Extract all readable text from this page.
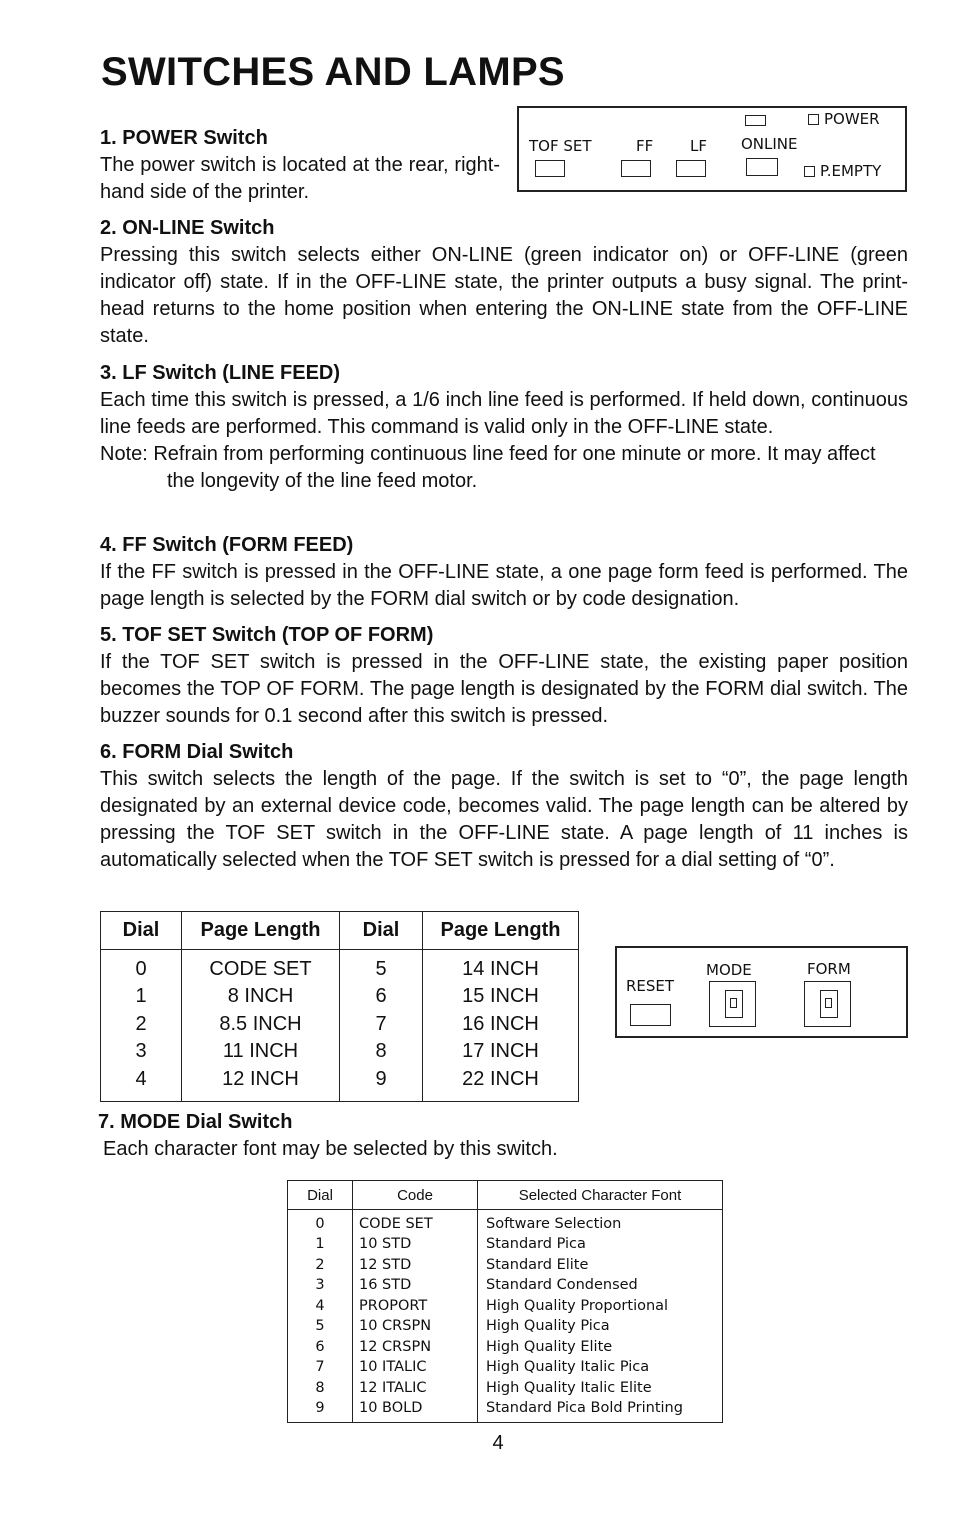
SWITCHES AND LAMPS
POWER
TOF SET	FF LF ONLINE
P.EMPTY
1. POWER Switch
The power switch is located at the rear, right-hand side of the printer.
2. ON-LINE Switch
Pressing this switch selects either ON-LINE (green indicator on) or OFF-LINE (green indicator off) state. If in the OFF-LINE state, the printer outputs a busy signal. The print-head returns to the home position when entering the ON-LINE state from the OFF-LINE state.
3. LF Switch (LINE FEED)
Each time this switch is pressed, a 1/6 inch line feed is performed. If held down, continuous line feeds are performed. This command is valid only in the OFF-LINE state.
Note: Refrain from performing continuous line feed for one minute or more. It may affect the longevity of the line feed motor.
4. FF Switch (FORM FEED)
If the FF switch is pressed in the OFF-LINE state, a one page form feed is performed. The page length is selected by the FORM dial switch or by code designation.
5. TOF SET Switch (TOP OF FORM)
If the TOF SET switch is pressed in the OFF-LINE state, the existing paper position becomes the TOP OF FORM. The page length is designated by the FORM dial switch. The buzzer sounds for 0.1 second after this switch is pressed.
6. FORM Dial Switch
This switch selects the length of the page. If the switch is set to “0”, the page length designated by an external device code, becomes valid. The page length can be altered by pressing the TOF SET switch in the OFF-LINE state. A page length of 11 inches is automatically selected when the TOF SET switch is pressed for a dial setting of “0”.
Dial	Page Length	Dial	Page Length
0	CODE SET	5	14 INCH
1	8 INCH	6	15 INCH
2	8.5 INCH	7	16 INCH
3	11 INCH	8	17 INCH
4	12 INCH	9	22 INCH
MODE	FORM
RESET
7. MODE Dial Switch
Each character font may be selected by this switch.
Dial	Code	Selected Character Font
0	CODE SET	Software Selection
1	10 STD	Standard Pica
2	12 STD	Standard Elite
3	16 STD	Standard Condensed
4	PROPORT	High Quality Proportional
5	10 CRSPN	High Quality Pica
6	12 CRSPN	High Quality Elite
7	10 ITALIC	High Quality Italic Pica
8	12 ITALIC	High Quality Italic Elite
9	10 BOLD	Standard Pica Bold Printing
4
